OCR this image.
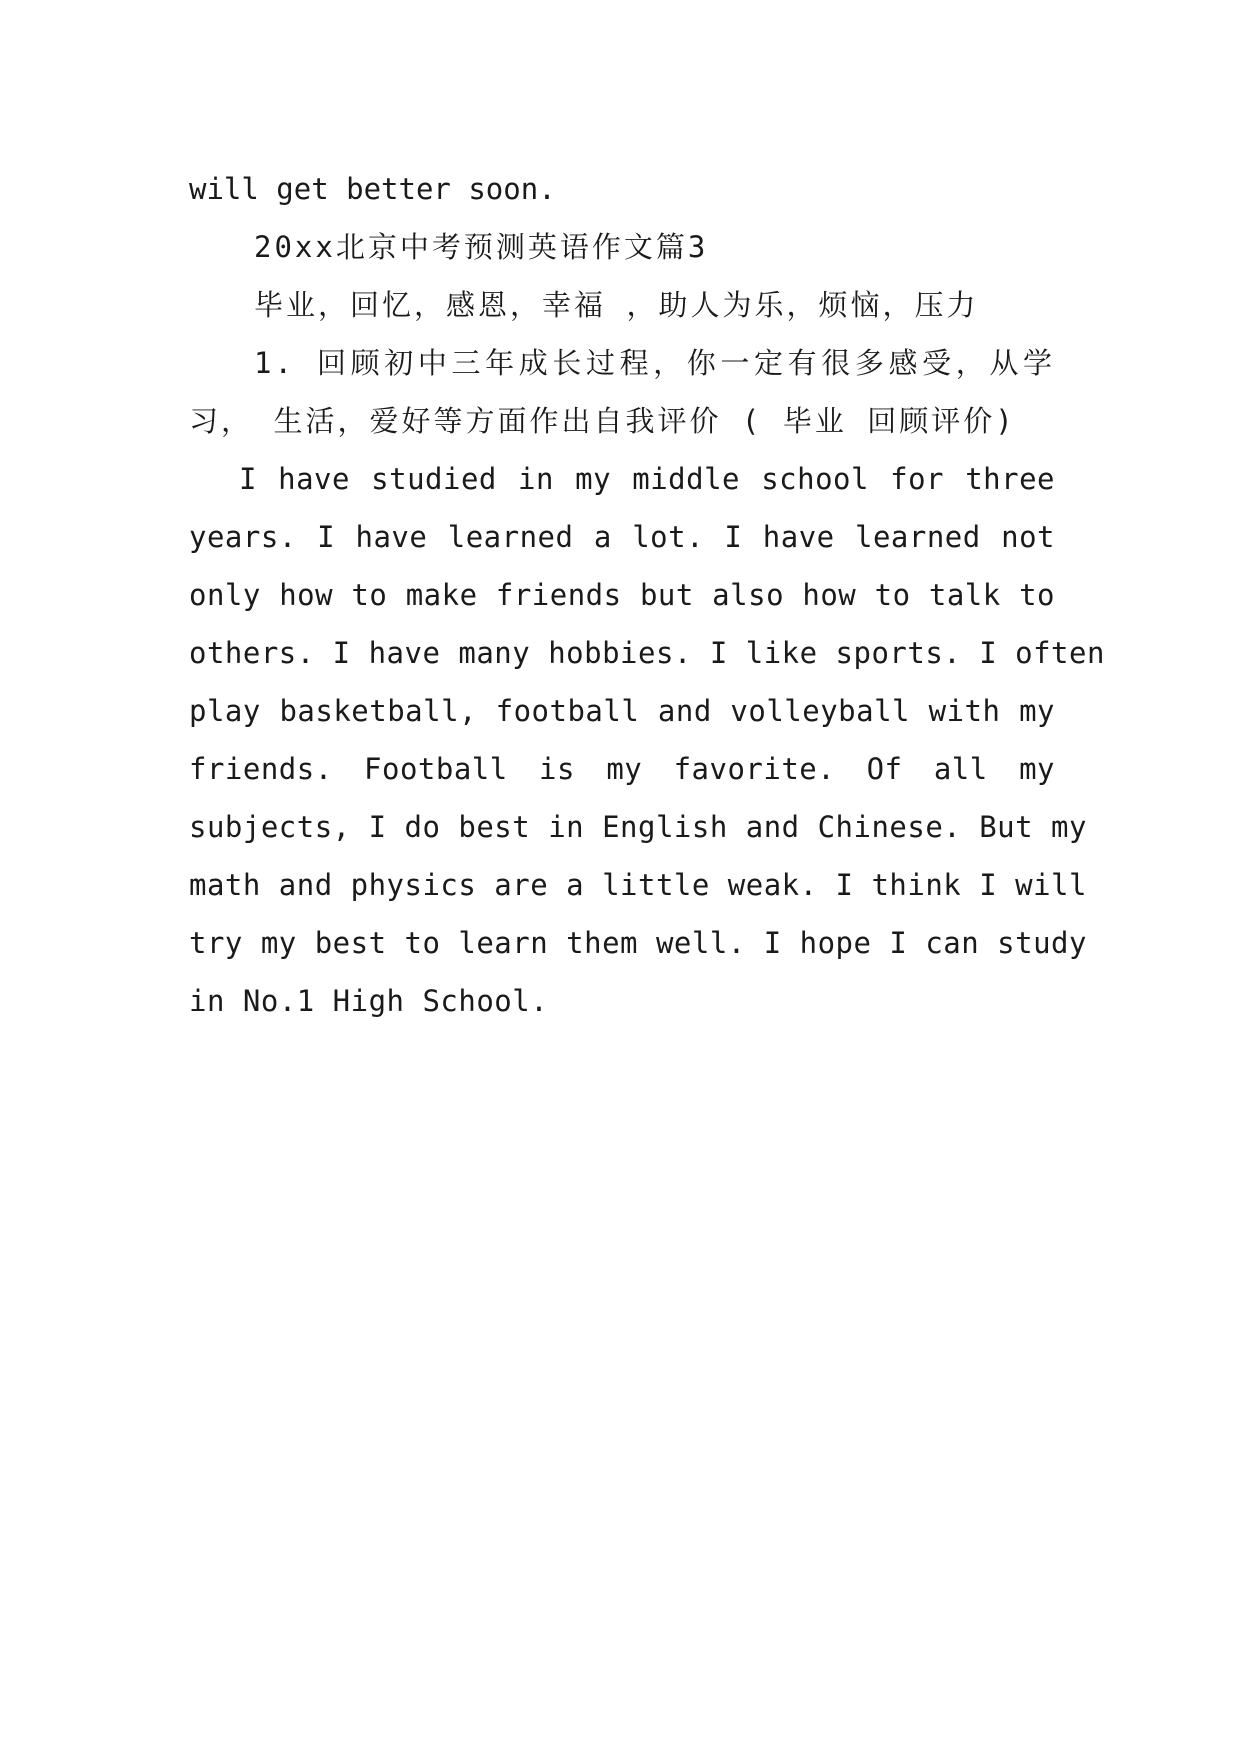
will get better soon.
20xx北京中考预测英语作文篇3
毕业，回忆，感恩，幸福 ，助人为乐，烦恼，压力
1. 回顾初中三年成长过程，你一定有很多感受，从学
习， 生活，爱好等方面作出自我评价 ( 毕业 回顾评价)
I have studied in my middle school for three
years. I have learned a lot. I have learned not
only how to make friends but also how to talk to
others. I have many hobbies. I like sports. I often
play basketball, football and volleyball with my
friends. Football is my favorite. Of all my
subjects, I do best in English and Chinese. But my
math and physics are a little weak. I think I will
try my best to learn them well. I hope I can study
in No.1 High School.
